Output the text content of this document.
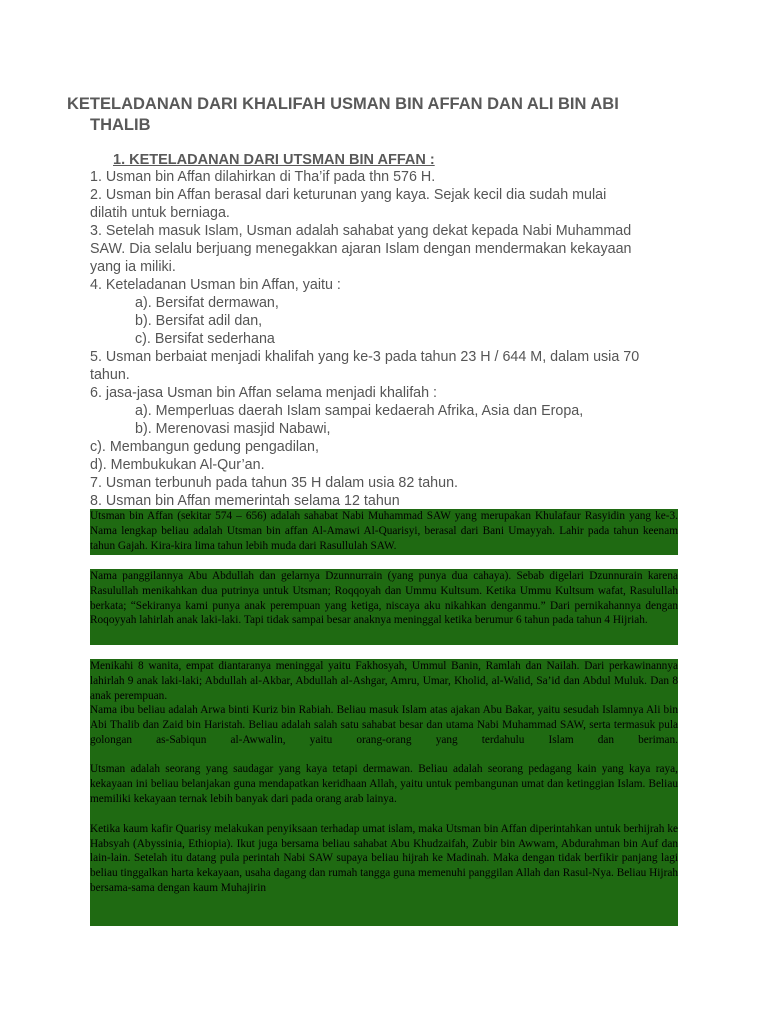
KETELADANAN DARI KHALIFAH USMAN BIN AFFAN DAN ALI BIN ABI
THALIB
1. KETELADANAN DARI UTSMAN BIN AFFAN :
1. Usman bin Affan dilahirkan di Tha’if pada thn 576 H.
2. Usman bin Affan berasal dari keturunan yang kaya. Sejak kecil dia sudah mulai
dilatih untuk berniaga.
3. Setelah masuk Islam, Usman adalah sahabat yang dekat kepada Nabi Muhammad
SAW. Dia selalu berjuang menegakkan ajaran Islam dengan mendermakan kekayaan
yang ia miliki.
4. Keteladanan Usman bin Affan, yaitu :
a). Bersifat dermawan,
b). Bersifat adil dan,
c). Bersifat sederhana
5. Usman berbaiat menjadi khalifah yang ke-3 pada tahun 23 H / 644 M, dalam usia 70
tahun.
6. jasa-jasa Usman bin Affan selama menjadi khalifah :
a). Memperluas daerah Islam sampai kedaerah Afrika, Asia dan Eropa,
b). Merenovasi masjid Nabawi,
c). Membangun gedung pengadilan,
d). Membukukan Al-Qur’an.
7. Usman terbunuh pada tahun 35 H dalam usia 82 tahun.
8. Usman bin Affan memerintah selama 12 tahun

Utsman bin Affan (sekitar 574 – 656) adalah sahabat Nabi Muhammad SAW yang merupakan Khulafaur Rasyidin yang ke-3. Nama lengkap beliau adalah Utsman bin affan Al-Amawi Al-Quarisyi, berasal dari Bani Umayyah. Lahir pada tahun keenam tahun Gajah. Kira-kira lima tahun lebih muda dari Rasullulah SAW.

Nama panggilannya Abu Abdullah dan gelarnya Dzunnurrain (yang punya dua cahaya). Sebab digelari Dzunnurain karena Rasulullah menikahkan dua putrinya untuk Utsman; Roqqoyah dan Ummu Kultsum. Ketika Ummu Kultsum wafat, Rasulullah berkata; “Sekiranya kami punya anak perempuan yang ketiga, niscaya aku nikahkan denganmu.” Dari pernikahannya dengan Roqoyyah lahirlah anak laki-laki. Tapi tidak sampai besar anaknya meninggal ketika berumur 6 tahun pada tahun 4 Hijriah.

Menikahi 8 wanita, empat diantaranya meninggal yaitu Fakhosyah, Ummul Banin, Ramlah dan Nailah. Dari perkawinannya lahirlah 9 anak laki-laki; Abdullah al-Akbar, Abdullah al-Ashgar, Amru, Umar, Kholid, al-Walid, Sa’id dan Abdul Muluk. Dan 8 anak perempuan.

Nama ibu beliau adalah Arwa binti Kuriz bin Rabiah. Beliau masuk Islam atas ajakan Abu Bakar, yaitu sesudah Islamnya Ali bin Abi Thalib dan Zaid bin Haristah. Beliau adalah salah satu sahabat besar dan utama Nabi Muhammad SAW, serta termasuk pula golongan as-Sabiqun al-Awwalin, yaitu orang-orang yang terdahulu Islam dan beriman.

Utsman adalah seorang yang saudagar yang kaya tetapi dermawan. Beliau adalah seorang pedagang kain yang kaya raya, kekayaan ini beliau belanjakan guna mendapatkan keridhaan Allah, yaitu untuk pembangunan umat dan ketinggian Islam. Beliau memiliki kekayaan ternak lebih banyak dari pada orang arab lainya.

Ketika kaum kafir Quarisy melakukan penyiksaan terhadap umat islam, maka Utsman bin Affan diperintahkan untuk berhijrah ke Habsyah (Abyssinia, Ethiopia). Ikut juga bersama beliau sahabat Abu Khudzaifah, Zubir bin Awwam, Abdurahman bin Auf dan lain-lain. Setelah itu datang pula perintah Nabi SAW supaya beliau hijrah ke Madinah. Maka dengan tidak berfikir panjang lagi beliau tinggalkan harta kekayaan, usaha dagang dan rumah tangga guna memenuhi panggilan Allah dan Rasul-Nya. Beliau Hijrah bersama-sama dengan kaum Muhajirin
